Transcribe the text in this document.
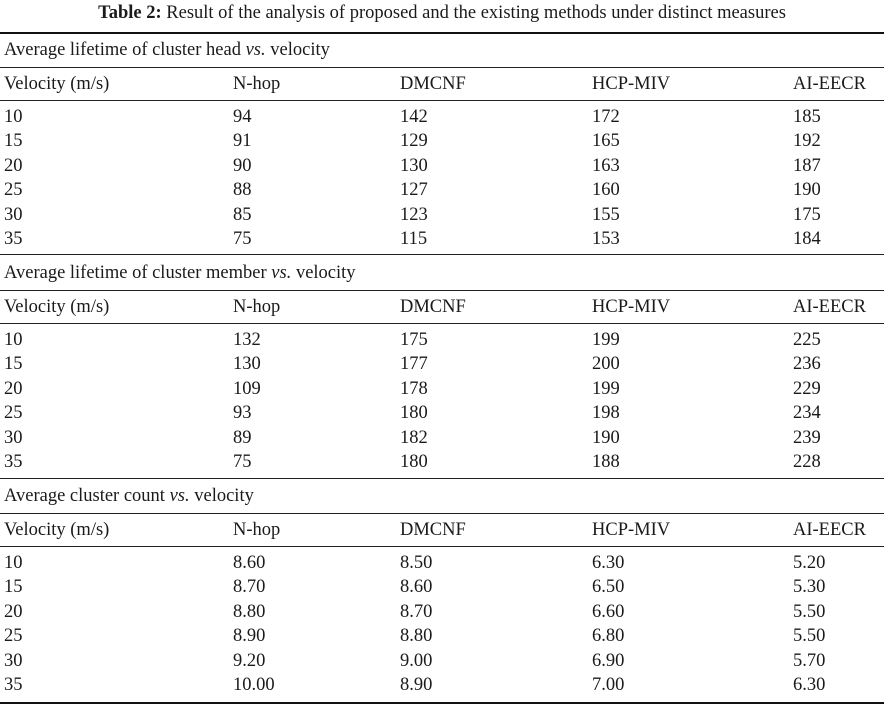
Table 2: Result of the analysis of proposed and the existing methods under distinct measures
Average lifetime of cluster head vs. velocity
Velocity (m/s)	N-hop	DMCNF	HCP-MIV	AI-EECR
10	94	142	172	185
15	91	129	165	192
20	90	130	163	187
25	88	127	160	190
30	85	123	155	175
35	75	115	153	184
Average lifetime of cluster member vs. velocity
Velocity (m/s)	N-hop	DMCNF	HCP-MIV	AI-EECR
10	132	175	199	225
15	130	177	200	236
20	109	178	199	229
25	93	180	198	234
30	89	182	190	239
35	75	180	188	228
Average cluster count vs. velocity
Velocity (m/s)	N-hop	DMCNF	HCP-MIV	AI-EECR
10	8.60	8.50	6.30	5.20
15	8.70	8.60	6.50	5.30
20	8.80	8.70	6.60	5.50
25	8.90	8.80	6.80	5.50
30	9.20	9.00	6.90	5.70
35	10.00	8.90	7.00	6.30
